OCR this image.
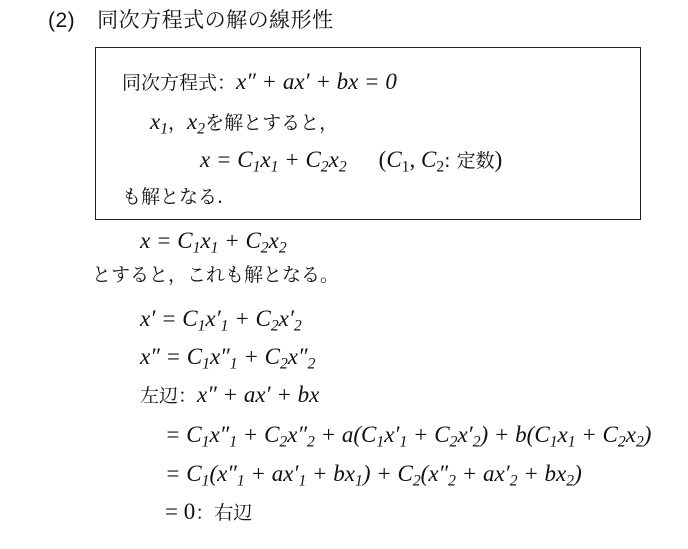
(2) 同次方程式の解の線形性
同次方程式：x″ + ax′ + bx = 0
$x_1$，$x_2$を解とすると，
$x = C_1x_1 + C_2x_2$ ($C_1$, $C_2$: 定数)
も解となる.
$x = C_1x_1 + C_2x_2$
とすると，これも解となる。
$x' = C_1x'_1 + C_2x'_2$
$x'' = C_1x''_1 + C_2x''_2$
左辺：x″ + ax′ + bx
= $C_1x''_1 + C_2x''_2 + a(C_1x'_1 + C_2x'_2) + b(C_1x_1 + C_2x_2)$
= $C_1(x''_1 + ax'_1 + bx_1) + C_2(x''_2 + ax'_2 + bx_2)$
= 0：右辺
